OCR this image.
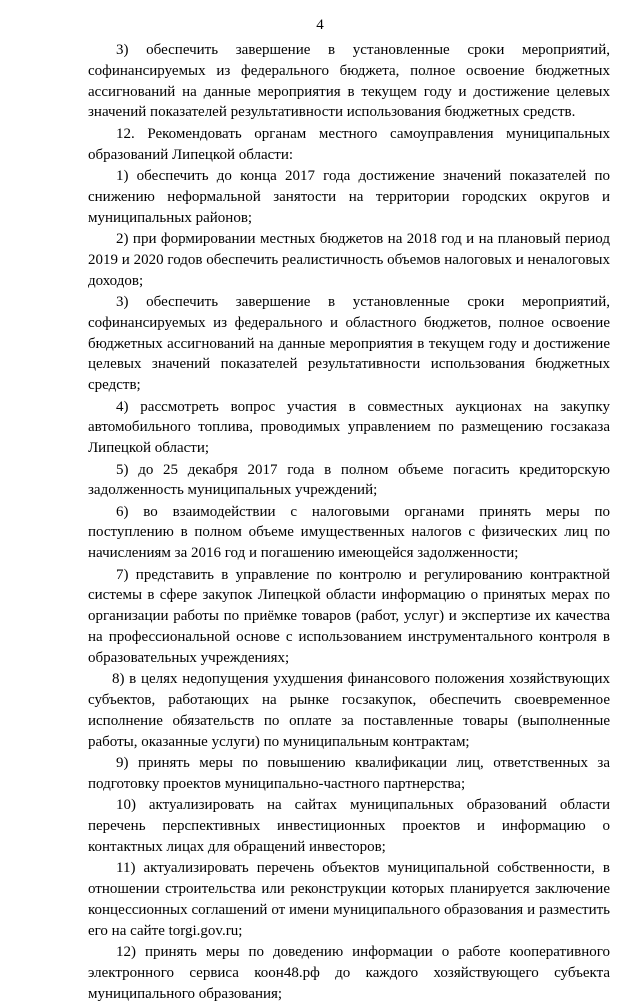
4

3) обеспечить завершение в установленные сроки мероприятий, софинансируемых из федерального бюджета, полное освоение бюджетных ассигнований на данные мероприятия в текущем году и достижение целевых значений показателей результативности использования бюджетных средств.

12. Рекомендовать органам местного самоуправления муниципальных образований Липецкой области:

1) обеспечить до конца 2017 года достижение значений показателей по снижению неформальной занятости на территории городских округов и муниципальных районов;

2) при формировании местных бюджетов на 2018 год и на плановый период 2019 и 2020 годов обеспечить реалистичность объемов налоговых и неналоговых доходов;

3) обеспечить завершение в установленные сроки мероприятий, софинансируемых из федерального и областного бюджетов, полное освоение бюджетных ассигнований на данные мероприятия в текущем году и достижение целевых значений показателей результативности использования бюджетных средств;

4) рассмотреть вопрос участия в совместных аукционах на закупку автомобильного топлива, проводимых управлением по размещению госзаказа Липецкой области;

5) до 25 декабря 2017 года в полном объеме погасить кредиторскую задолженность муниципальных учреждений;

6) во взаимодействии с налоговыми органами принять меры по поступлению в полном объеме имущественных налогов с физических лиц по начислениям за 2016 год и погашению имеющейся задолженности;

7) представить в управление по контролю и регулированию контрактной системы в сфере закупок Липецкой области информацию о принятых мерах по организации работы по приёмке товаров (работ, услуг) и экспертизе их качества на профессиональной основе с использованием инструментального контроля в образовательных учреждениях;

8) в целях недопущения ухудшения финансового положения хозяйствующих субъектов, работающих на рынке госзакупок, обеспечить своевременное исполнение обязательств по оплате за поставленные товары (выполненные работы, оказанные услуги) по муниципальным контрактам;

9) принять меры по повышению квалификации лиц, ответственных за подготовку проектов муниципально-частного партнерства;

10) актуализировать на сайтах муниципальных образований области перечень перспективных инвестиционных проектов и информацию о контактных лицах для обращений инвесторов;

11) актуализировать перечень объектов муниципальной собственности, в отношении строительства или реконструкции которых планируется заключение концессионных соглашений от имени муниципального образования и разместить его на сайте torgi.gov.ru;

12) принять меры по доведению информации о работе кооперативного электронного сервиса коон48.рф до каждого хозяйствующего субъекта муниципального образования;
